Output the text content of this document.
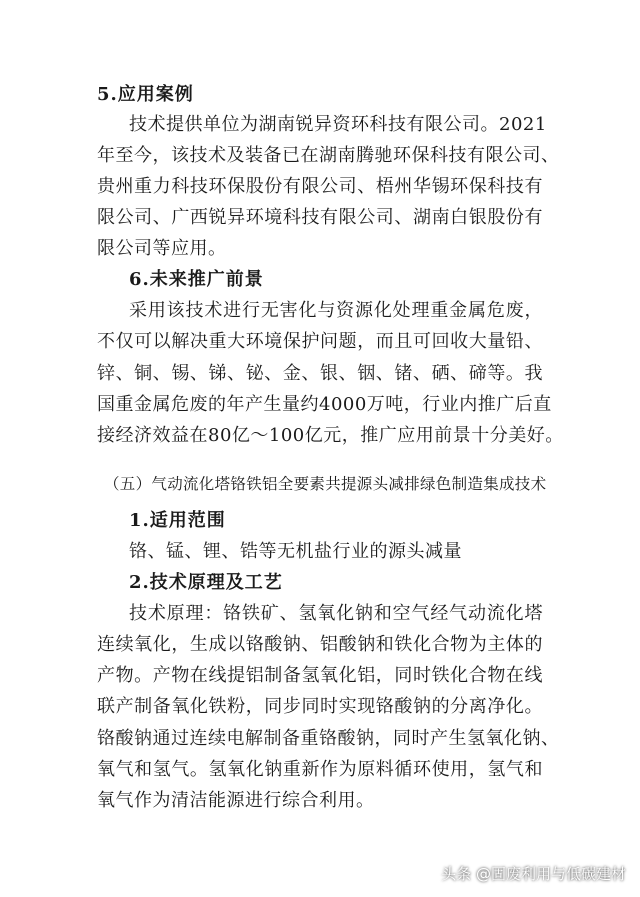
5.应用案例
技术提供单位为湖南锐异资环科技有限公司。2021
年至今，该技术及装备已在湖南腾驰环保科技有限公司、
贵州重力科技环保股份有限公司、梧州华锡环保科技有
限公司、广西锐异环境科技有限公司、湖南白银股份有
限公司等应用。
6.未来推广前景
采用该技术进行无害化与资源化处理重金属危废，
不仅可以解决重大环境保护问题，而且可回收大量铅、
锌、铜、锡、锑、铋、金、银、铟、锗、硒、碲等。我
国重金属危废的年产生量约4000万吨，行业内推广后直
接经济效益在80亿～100亿元，推广应用前景十分美好。
（五）气动流化塔铬铁铝全要素共提源头减排绿色制造集成技术
1.适用范围
铬、锰、锂、锆等无机盐行业的源头减量
2.技术原理及工艺
技术原理：铬铁矿、氢氧化钠和空气经气动流化塔
连续氧化，生成以铬酸钠、铝酸钠和铁化合物为主体的
产物。产物在线提铝制备氢氧化铝，同时铁化合物在线
联产制备氧化铁粉，同步同时实现铬酸钠的分离净化。
铬酸钠通过连续电解制备重铬酸钠，同时产生氢氧化钠、
氧气和氢气。氢氧化钠重新作为原料循环使用，氢气和
氧气作为清洁能源进行综合利用。
头条 @固废利用与低碳建材
